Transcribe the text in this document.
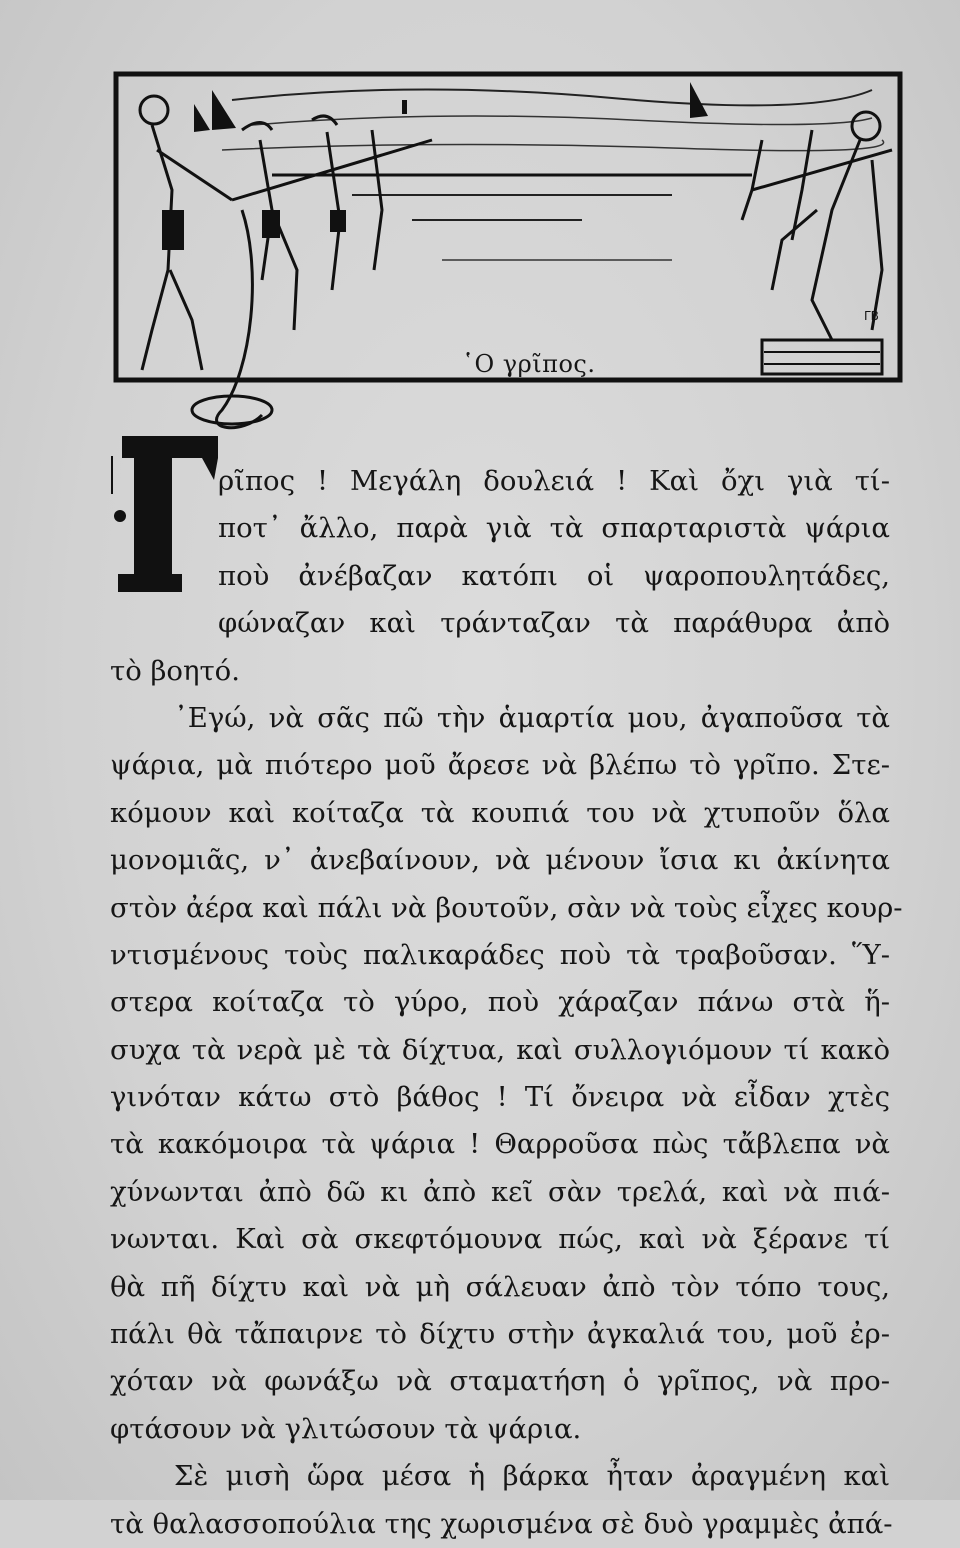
ΓΒ
῾Ο γρῖπος.
Γ
ρῖπος ! Μεγάλη δουλειά ! Καὶ ὄχι γιὰ τί-
ποτ᾽ ἄλλο, παρὰ γιὰ τὰ σπαρταριστὰ ψάρια
ποὺ ἀνέβαζαν κατόπι οἱ ψαροπουλητάδες,
φώναζαν καὶ τράνταζαν τὰ παράθυρα ἀπὸ
τὸ βοητό.
᾽Εγώ, νὰ σᾶς πῶ τὴν ἁμαρτία μου, ἀγαποῦσα τὰ
ψάρια, μὰ πιότερο μοῦ ἄρεσε νὰ βλέπω τὸ γρῖπο. Στε-
κόμουν καὶ κοίταζα τὰ κουπιά του νὰ χτυποῦν ὅλα
μονομιᾶς, ν᾽ ἀνεβαίνουν, νὰ μένουν ἴσια κι ἀκίνητα
στὸν ἀέρα καὶ πάλι νὰ βουτοῦν, σὰν νὰ τοὺς εἶχες κουρ-
ντισμένους τοὺς παλικαράδες ποὺ τὰ τραβοῦσαν. Ὕ-
στερα κοίταζα τὸ γύρο, ποὺ χάραζαν πάνω στὰ ἥ-
συχα τὰ νερὰ μὲ τὰ δίχτυα, καὶ συλλογιόμουν τί κακὸ
γινόταν κάτω στὸ βάθος ! Τί ὄνειρα νὰ εἶδαν χτὲς
τὰ κακόμοιρα τὰ ψάρια ! Θαρροῦσα πὼς τἄβλεπα νὰ
χύνωνται ἀπὸ δῶ κι ἀπὸ κεῖ σὰν τρελά, καὶ νὰ πιά-
νωνται. Καὶ σὰ σκεφτόμουνα πώς, καὶ νὰ ξέρανε τί
θὰ πῆ δίχτυ καὶ νὰ μὴ σάλευαν ἀπὸ τὸν τόπο τους,
πάλι θὰ τἄπαιρνε τὸ δίχτυ στὴν ἀγκαλιά του, μοῦ ἐρ-
χόταν νὰ φωνάξω νὰ σταματήση ὁ γρῖπος, νὰ προ-
φτάσουν νὰ γλιτώσουν τὰ ψάρια.
Σὲ μισὴ ὥρα μέσα ἡ βάρκα ἦταν ἀραγμένη καὶ
τὰ θαλασσοπούλια της χωρισμένα σὲ δυὸ γραμμὲς ἀπά-
